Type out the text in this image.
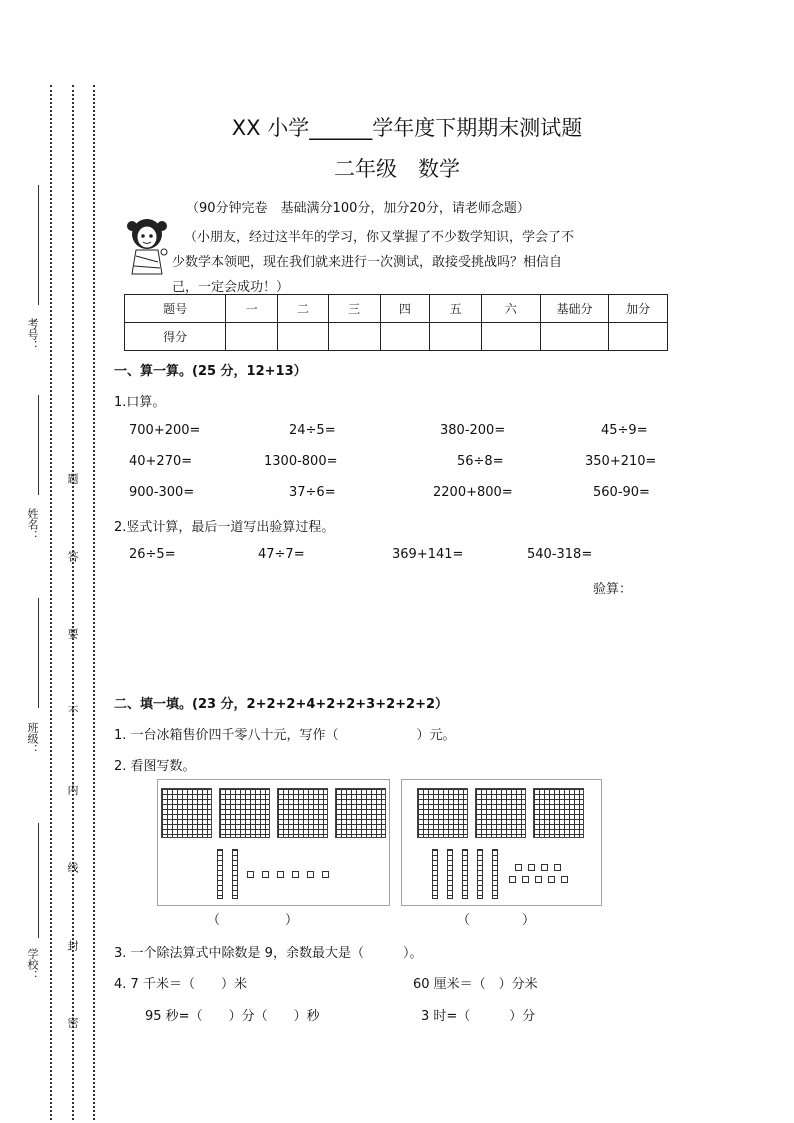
考号：
姓名：
班级：
学校：
题
答
要
不
内
线
封
密
XX 小学______学年度下期期末测试题
二年级　数学
（90分钟完卷　基础满分100分，加分20分，请老师念题）
（小朋友，经过这半年的学习，你又掌握了不少数学知识，学会了不
少数学本领吧，现在我们就来进行一次测试，敢接受挑战吗？相信自
己，一定会成功！）
题号	一	二	三	四	五	六	基础分	加分
得分								
一、算一算。(25 分，12+13）
1.口算。
700+200=	24÷5=	380-200=	45÷9=
40+270=	1300-800=	56÷8=	350+210=
900-300=	37÷6=	2200+800=	560-90=
2.竖式计算，最后一道写出验算过程。
26÷5=	47÷7=	369+141=	540-318=
验算：
二、填一填。(23 分，2+2+2+4+2+2+3+2+2+2）
1. 一台冰箱售价四千零八十元，写作（　　　　　　）元。
2. 看图写数。
（　　　　　）	（　　　　）
3. 一个除法算式中除数是 9，余数最大是（　　　）。
4. 7 千米＝（　　）米	60 厘米＝（　）分米
95 秒=（　　）分（　　）秒	3 时=（　　　）分
